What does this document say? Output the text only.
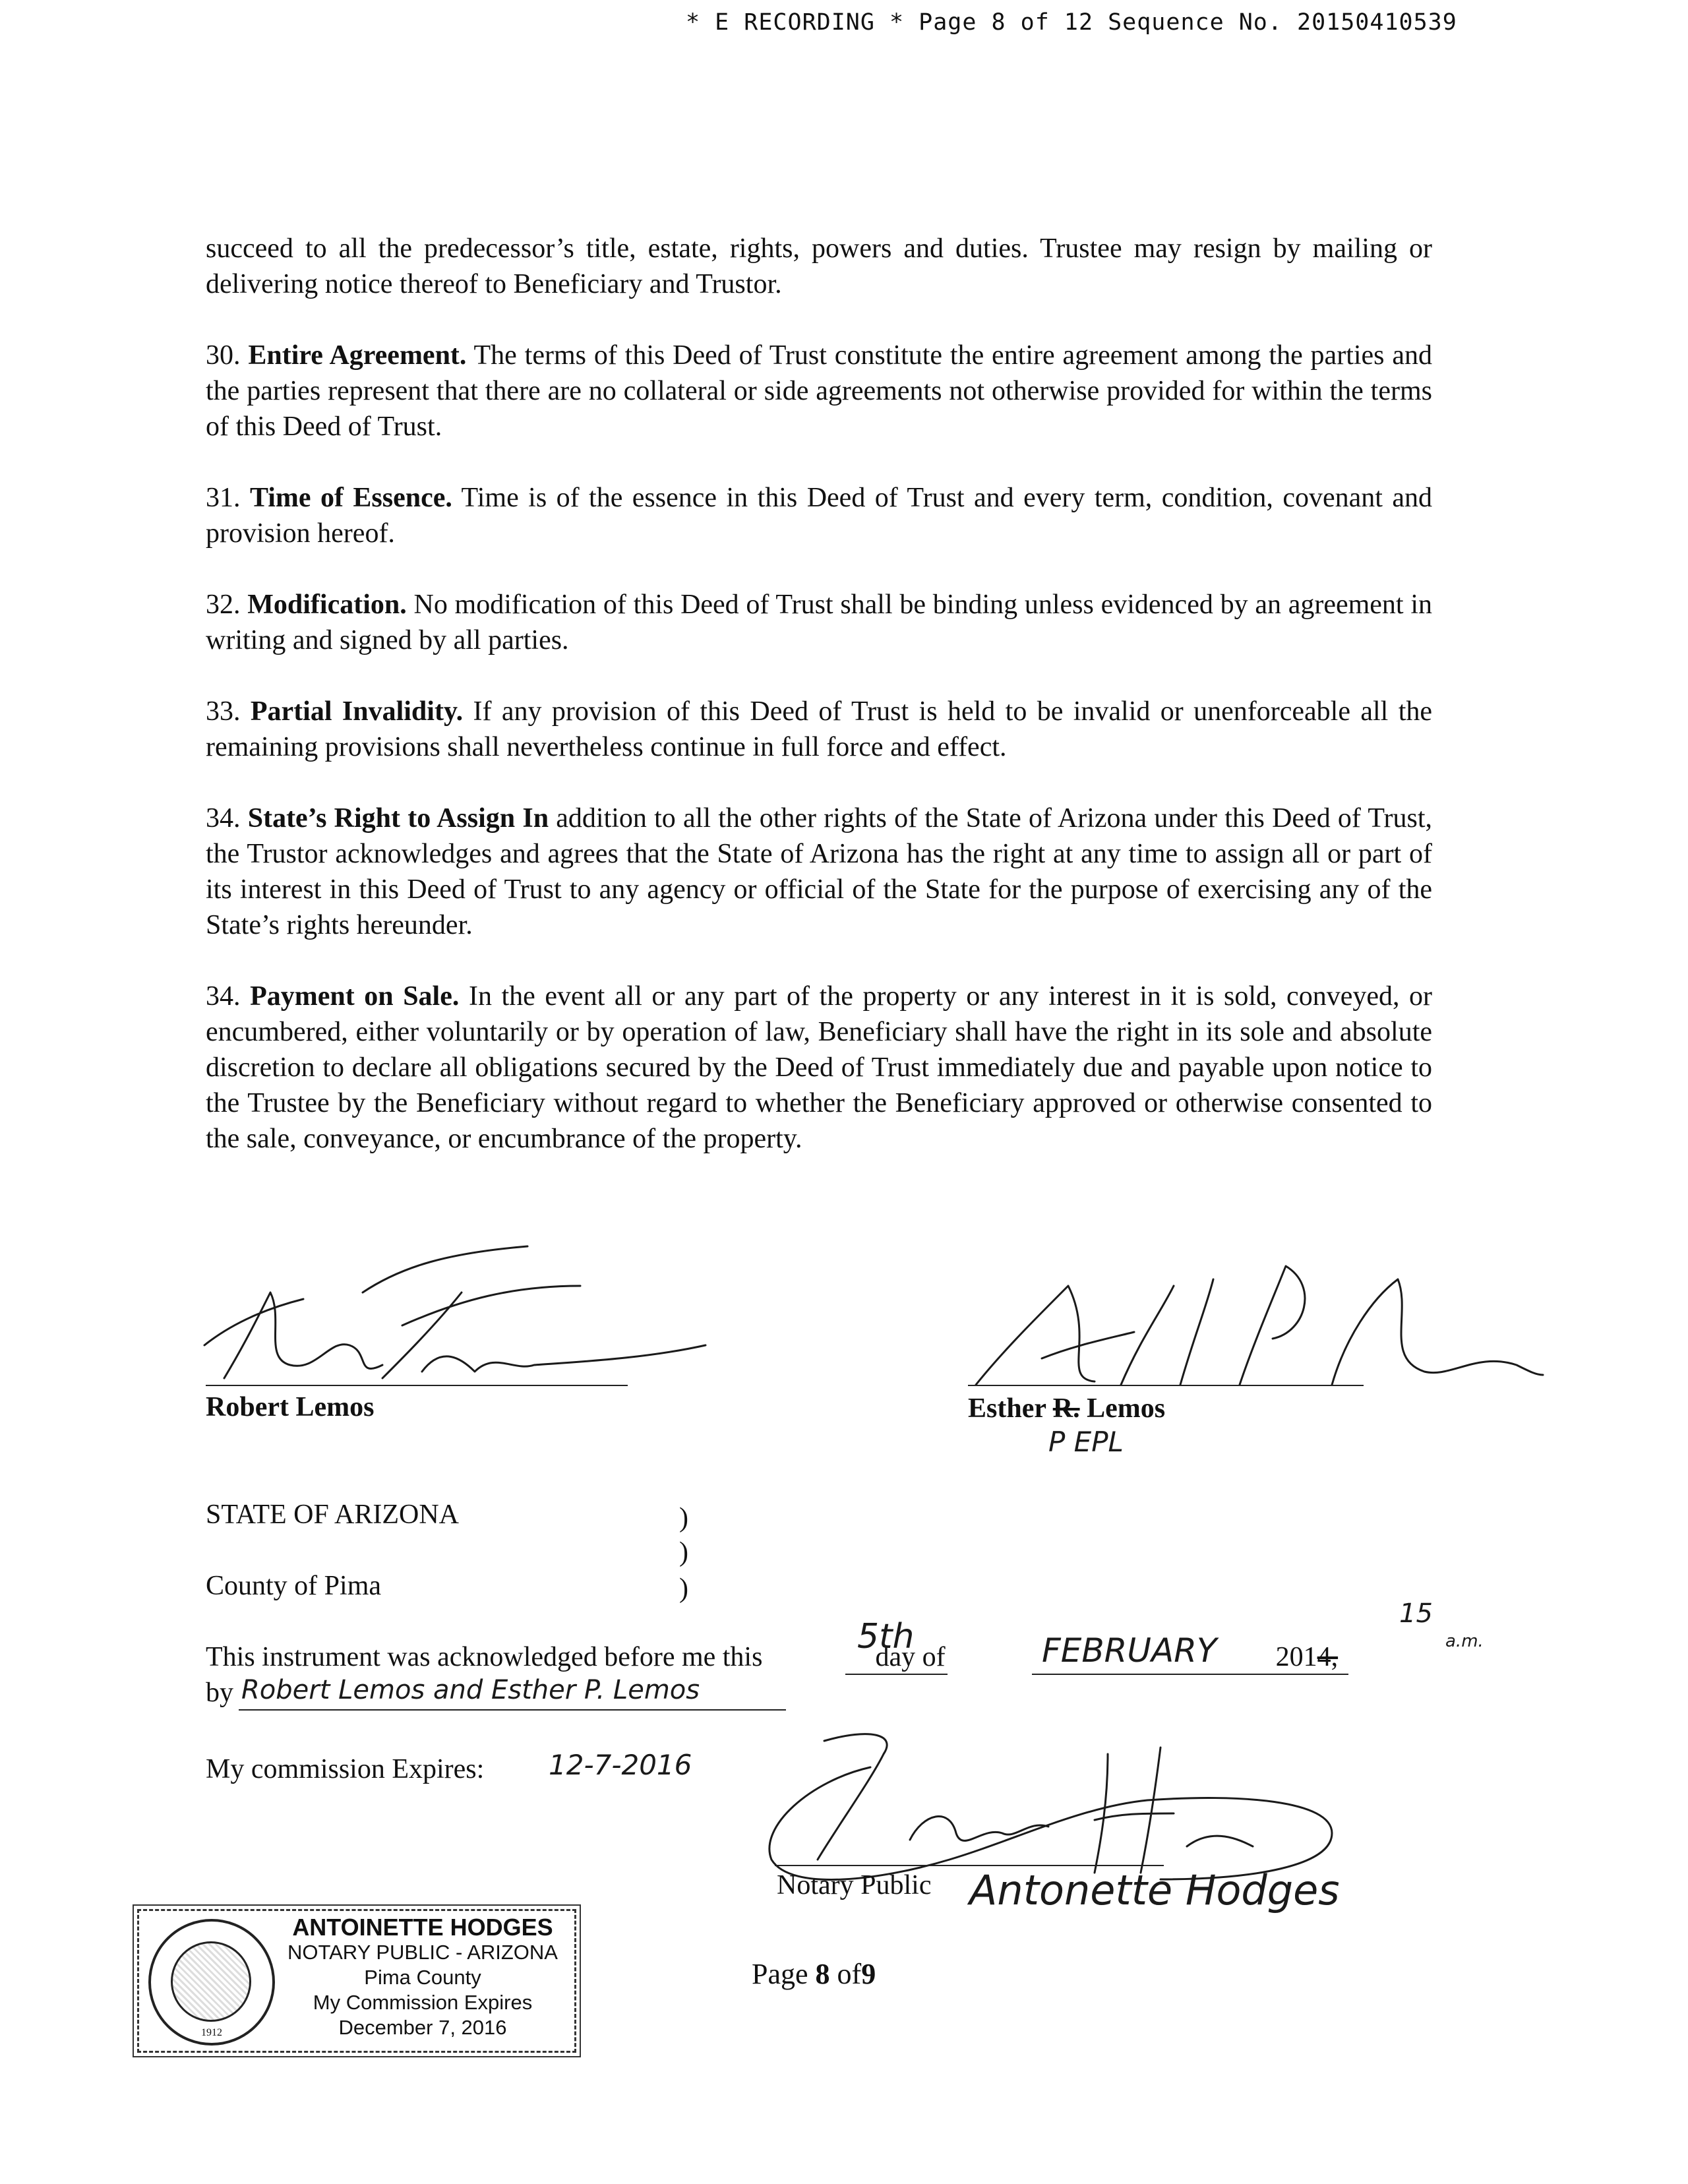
* E RECORDING * Page 8 of 12 Sequence No. 20150410539

succeed to all the predecessor’s title, estate, rights, powers and duties. Trustee may resign by mailing or delivering notice thereof to Beneficiary and Trustor.

30. Entire Agreement. The terms of this Deed of Trust constitute the entire agreement among the parties and the parties represent that there are no collateral or side agreements not otherwise provided for within the terms of this Deed of Trust.

31. Time of Essence. Time is of the essence in this Deed of Trust and every term, condition, covenant and provision hereof.

32. Modification. No modification of this Deed of Trust shall be binding unless evidenced by an agreement in writing and signed by all parties.

33. Partial Invalidity. If any provision of this Deed of Trust is held to be invalid or unenforceable all the remaining provisions shall nevertheless continue in full force and effect.

34. State’s Right to Assign In addition to all the other rights of the State of Arizona under this Deed of Trust, the Trustor acknowledges and agrees that the State of Arizona has the right at any time to assign all or part of its interest in this Deed of Trust to any agency or official of the State for the purpose of exercising any of the State’s rights hereunder.

34. Payment on Sale. In the event all or any part of the property or any interest in it is sold, conveyed, or encumbered, either voluntarily or by operation of law, Beneficiary shall have the right in its sole and absolute discretion to declare all obligations secured by the Deed of Trust immediately due and payable upon notice to the Trustee by the Beneficiary without regard to whether the Beneficiary approved or otherwise consented to the sale, conveyance, or encumbrance of the property.

Robert Lemos	Esther R. Lemos
P EPL
STATE OF ARIZONA	)
)
)
County of Pima
This instrument was acknowledged before me this	day of	2014,
5th	FEBRUARY
15
a.m.
by Robert Lemos and Esther P. Lemos
My commission Expires: 12-7-2016
Notary Public Antonette Hodges
1912
ANTOINETTE HODGES
NOTARY PUBLIC - ARIZONA
Pima County
My Commission Expires
December 7, 2016
Page 8 of9
